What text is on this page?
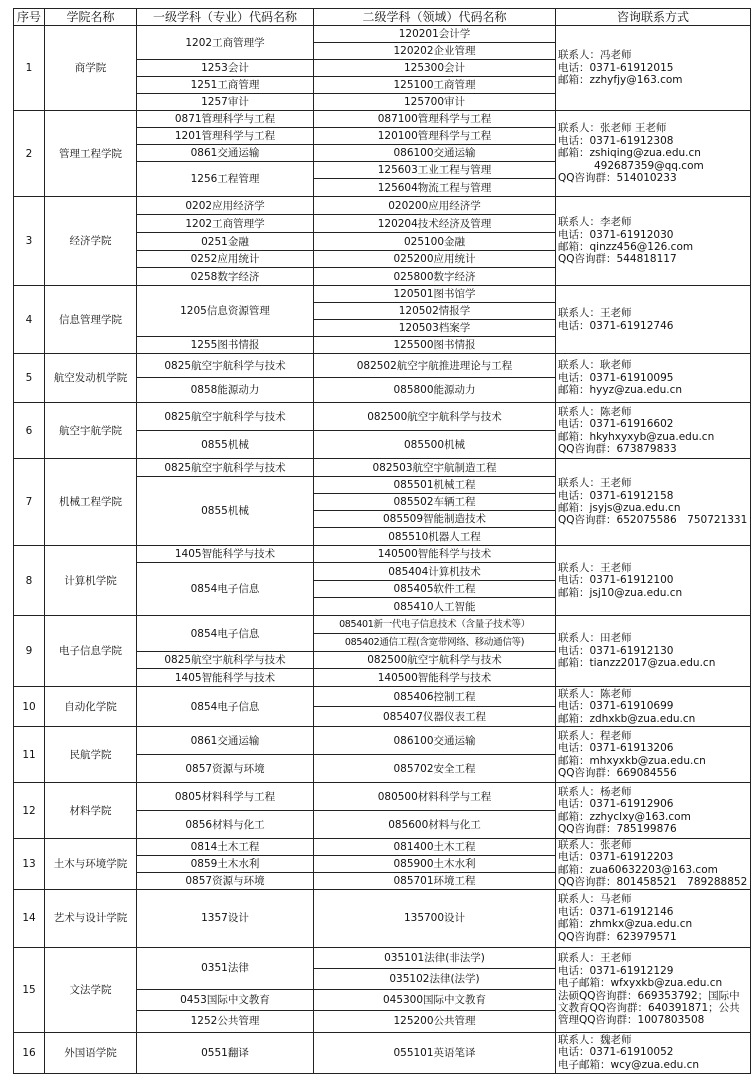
序号	学院名称	一级学科（专业）代码名称	二级学科（领域）代码名称	咨询联系方式
1	商学院	1202工商管理学	120201会计学	联系人：冯老师
电话：0371-61912015
邮箱：zzhyfjy@163.com

			120202企业管理	
		1253会计	125300会计	
		1251工商管理	125100工商管理	
		1257审计	125700审计	
2	管理工程学院	0871管理科学与工程	087100管理科学与工程	联系人：张老师 王老师
电话：0371-61912308
邮箱：zshiqing@zua.edu.cn
492687359@qq.com
QQ咨询群：514010233

		1201管理科学与工程	120100管理科学与工程	
		0861交通运输	086100交通运输	
		1256工程管理	125603工业工程与管理	
			125604物流工程与管理	
3	经济学院	0202应用经济学	020200应用经济学	联系人：李老师
电话：0371-61912030
邮箱：qinzz456@126.com
QQ咨询群：544818117

		1202工商管理学	120204技术经济及管理	
		0251金融	025100金融	
		0252应用统计	025200应用统计	
		0258数字经济	025800数字经济	
4	信息管理学院	1205信息资源管理	120501图书馆学	联系人：王老师
电话：0371-61912746

			120502情报学	
			120503档案学	
		1255图书情报	125500图书情报	
5	航空发动机学院	0825航空宇航科学与技术	082502航空宇航推进理论与工程	联系人：耿老师
电话：0371-61910095
邮箱：hyyz@zua.edu.cn

		0858能源动力	085800能源动力	
6	航空宇航学院	0825航空宇航科学与技术	082500航空宇航科学与技术	联系人：陈老师
电话：0371-61916602
邮箱：hkyhxyxyb@zua.edu.cn
QQ咨询群：673879833

		0855机械	085500机械	
7	机械工程学院	0825航空宇航科学与技术	082503航空宇航制造工程	联系人：王老师
电话：0371-61912158
邮箱：jsyjs@zua.edu.cn
QQ咨询群：652075586　750721331

		0855机械	085501机械工程	
			085502车辆工程	
			085509智能制造技术	
			085510机器人工程	
8	计算机学院	1405智能科学与技术	140500智能科学与技术	联系人：王老师
电话：0371-61912100
邮箱：jsj10@zua.edu.cn

		0854电子信息	085404计算机技术	
			085405软件工程	
			085410人工智能	
9	电子信息学院	0854电子信息	085401新一代电子信息技术（含量子技术等）	联系人：田老师
电话：0371-61912130
邮箱：tianzz2017@zua.edu.cn

			085402通信工程(含宽带网络、移动通信等)	
		0825航空宇航科学与技术	082500航空宇航科学与技术	
		1405智能科学与技术	140500智能科学与技术	
10	自动化学院	0854电子信息	085406控制工程	联系人：陈老师
电话：0371-61910699
邮箱：zdhxkb@zua.edu.cn

			085407仪器仪表工程	
11	民航学院	0861交通运输	086100交通运输	联系人：程老师
电话：0371-61913206
邮箱：mhxyxkb@zua.edu.cn
QQ咨询群：669084556

		0857资源与环境	085702安全工程	
12	材料学院	0805材料科学与工程	080500材料科学与工程	联系人：杨老师
电话：0371-61912906
邮箱：zzhyclxy@163.com
QQ咨询群：785199876

		0856材料与化工	085600材料与化工	
13	土木与环境学院	0814土木工程	081400土木工程	联系人：张老师
电话：0371-61912203
邮箱：zua60632203@163.com
QQ咨询群：801458521　789288852

		0859土木水利	085900土木水利	
		0857资源与环境	085701环境工程	
14	艺术与设计学院	1357设计	135700设计	联系人：马老师
电话：0371-61912146
邮箱：zhmkx@zua.edu.cn
QQ咨询群：623979571

15	文法学院	0351法律	035101法律(非法学)	联系人：王老师
电话：0371-61912129
电子邮箱：wfxyxkb@zua.edu.cn
法硕QQ咨询群：669353792；国际中文教育QQ咨询群：640391871；公共管理QQ咨询群：1007803508

			035102法律(法学)	
		0453国际中文教育	045300国际中文教育	
		1252公共管理	125200公共管理	
16	外国语学院	0551翻译	055101英语笔译	联系人：魏老师
电话：0371-61910052
电子邮箱：wcy@zua.edu.cn
